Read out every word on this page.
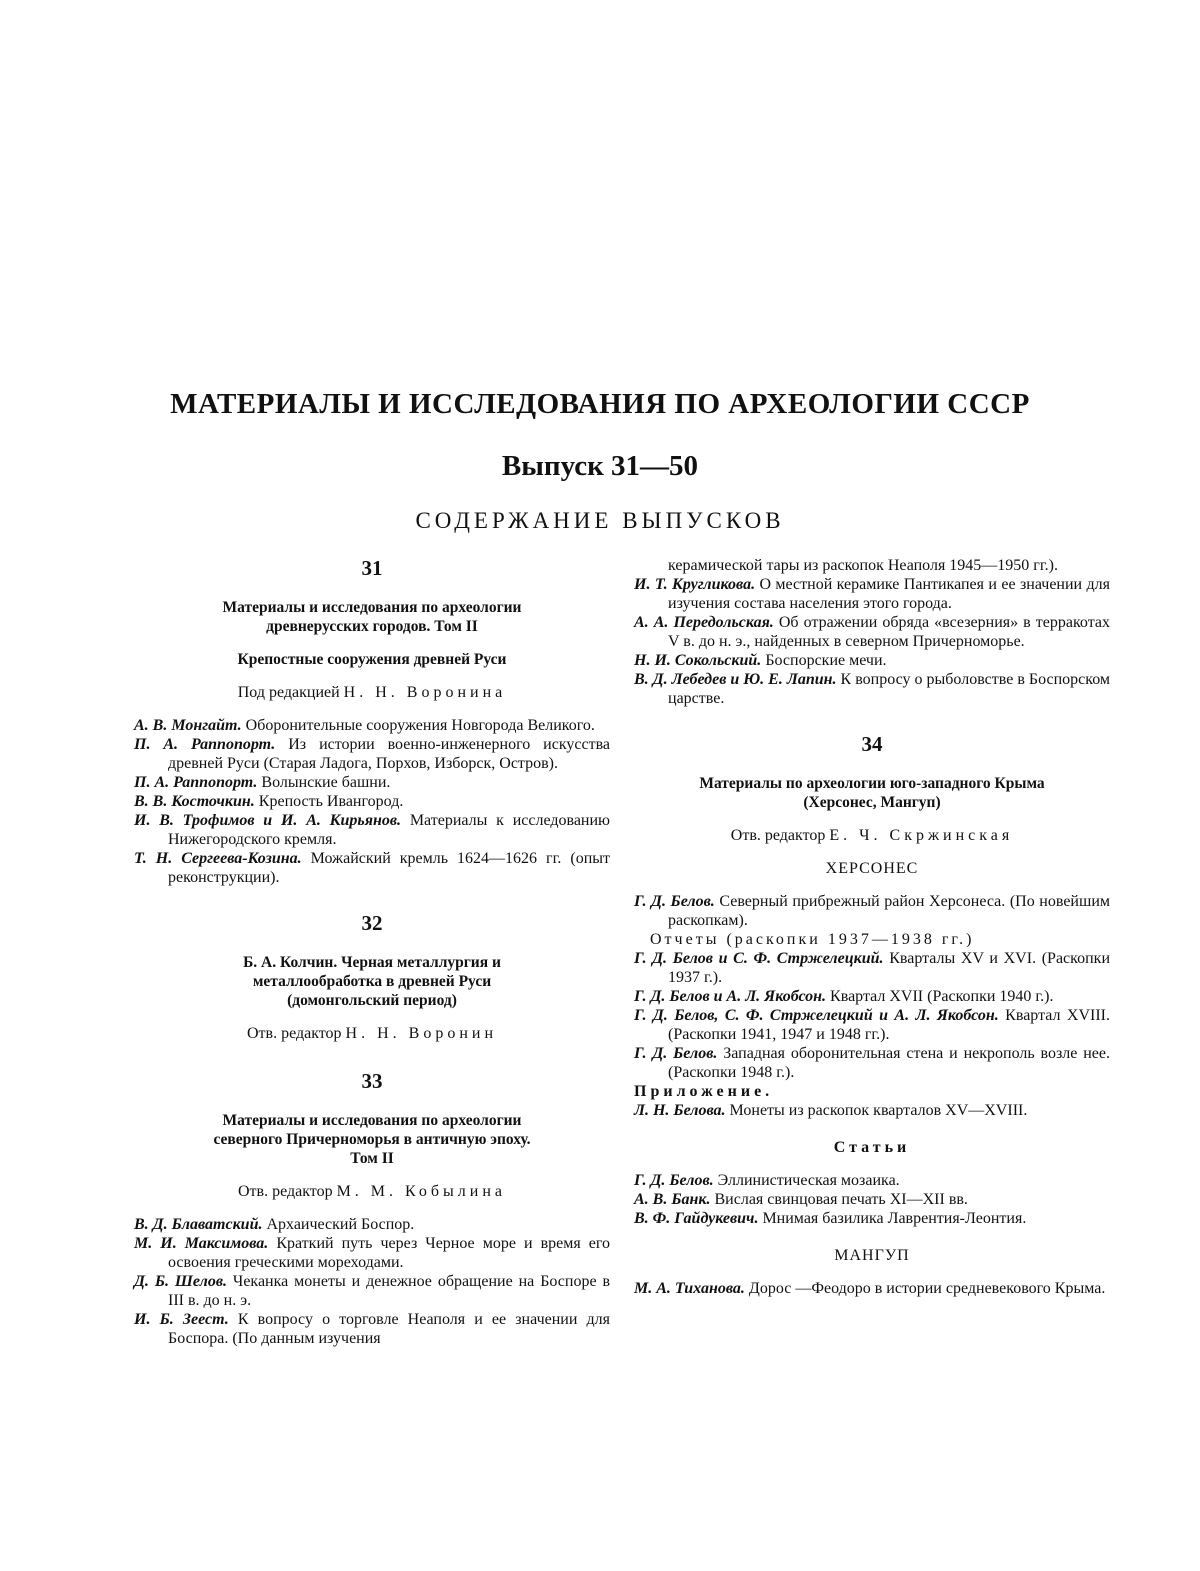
МАТЕРИАЛЫ И ИССЛЕДОВАНИЯ ПО АРХЕОЛОГИИ СССР
Выпуск 31—50
СОДЕРЖАНИЕ ВЫПУСКОВ
31
Материалы и исследования по археологии
древнерусских городов. Том II
Крепостные сооружения древней Руси
Под редакцией Н. Н. Воронина

А. В. Монгайт. Оборонительные сооружения Новгорода Великого.

П. А. Раппопорт. Из истории военно-инженерного искусства древней Руси (Старая Ладога, Порхов, Изборск, Остров).

П. А. Раппопорт. Волынские башни.

В. В. Косточкин. Крепость Ивангород.

И. В. Трофимов и И. А. Кирьянов. Материалы к исследованию Нижегородского кремля.

Т. Н. Сергеева-Козина. Можайский кремль 1624—1626 гг. (опыт реконструкции).

32
Б. А. Колчин. Черная металлургия и
металлообработка в древней Руси
(домонгольский период)
Отв. редактор Н. Н. Воронин
33
Материалы и исследования по археологии
северного Причерноморья в античную эпоху.
Том II
Отв. редактор М. М. Кобылина

В. Д. Блаватский. Архаический Боспор.

М. И. Максимова. Краткий путь через Черное море и время его освоения греческими мореходами.

Д. Б. Шелов. Чеканка монеты и денежное обращение на Боспоре в III в. до н. э.

И. Б. Зеест. К вопросу о торговле Неаполя и ее значении для Боспора. (По данным изучения

керамической тары из раскопок Неаполя 1945—1950 гг.).

И. Т. Кругликова. О местной керамике Пантикапея и ее значении для изучения состава населения этого города.

А. А. Передольская. Об отражении обряда «всезерния» в терракотах V в. до н. э., найденных в северном Причерноморье.

Н. И. Сокольский. Боспорские мечи.

В. Д. Лебедев и Ю. Е. Лапин. К вопросу о рыболовстве в Боспорском царстве.

34
Материалы по археологии юго-западного Крыма
(Херсонес, Мангуп)
Отв. редактор Е. Ч. Скржинская
ХЕРСОНЕС

Г. Д. Белов. Северный прибрежный район Херсонеса. (По новейшим раскопкам).

Отчеты (раскопки 1937—1938 гг.)

Г. Д. Белов и С. Ф. Стржелецкий. Кварталы XV и XVI. (Раскопки 1937 г.).

Г. Д. Белов и А. Л. Якобсон. Квартал XVII (Раскопки 1940 г.).

Г. Д. Белов, С. Ф. Стржелецкий и А. Л. Якобсон. Квартал XVIII. (Раскопки 1941, 1947 и 1948 гг.).

Г. Д. Белов. Западная оборонительная стена и некрополь возле нее. (Раскопки 1948 г.).

Приложение.

Л. Н. Белова. Монеты из раскопок кварталов XV—XVIII.

Статьи

Г. Д. Белов. Эллинистическая мозаика.

А. В. Банк. Вислая свинцовая печать XI—XII вв.

В. Ф. Гайдукевич. Мнимая базилика Лаврентия-Леонтия.

МАНГУП

М. А. Тиханова. Дорос —Феодоро в истории средневекового Крыма.
